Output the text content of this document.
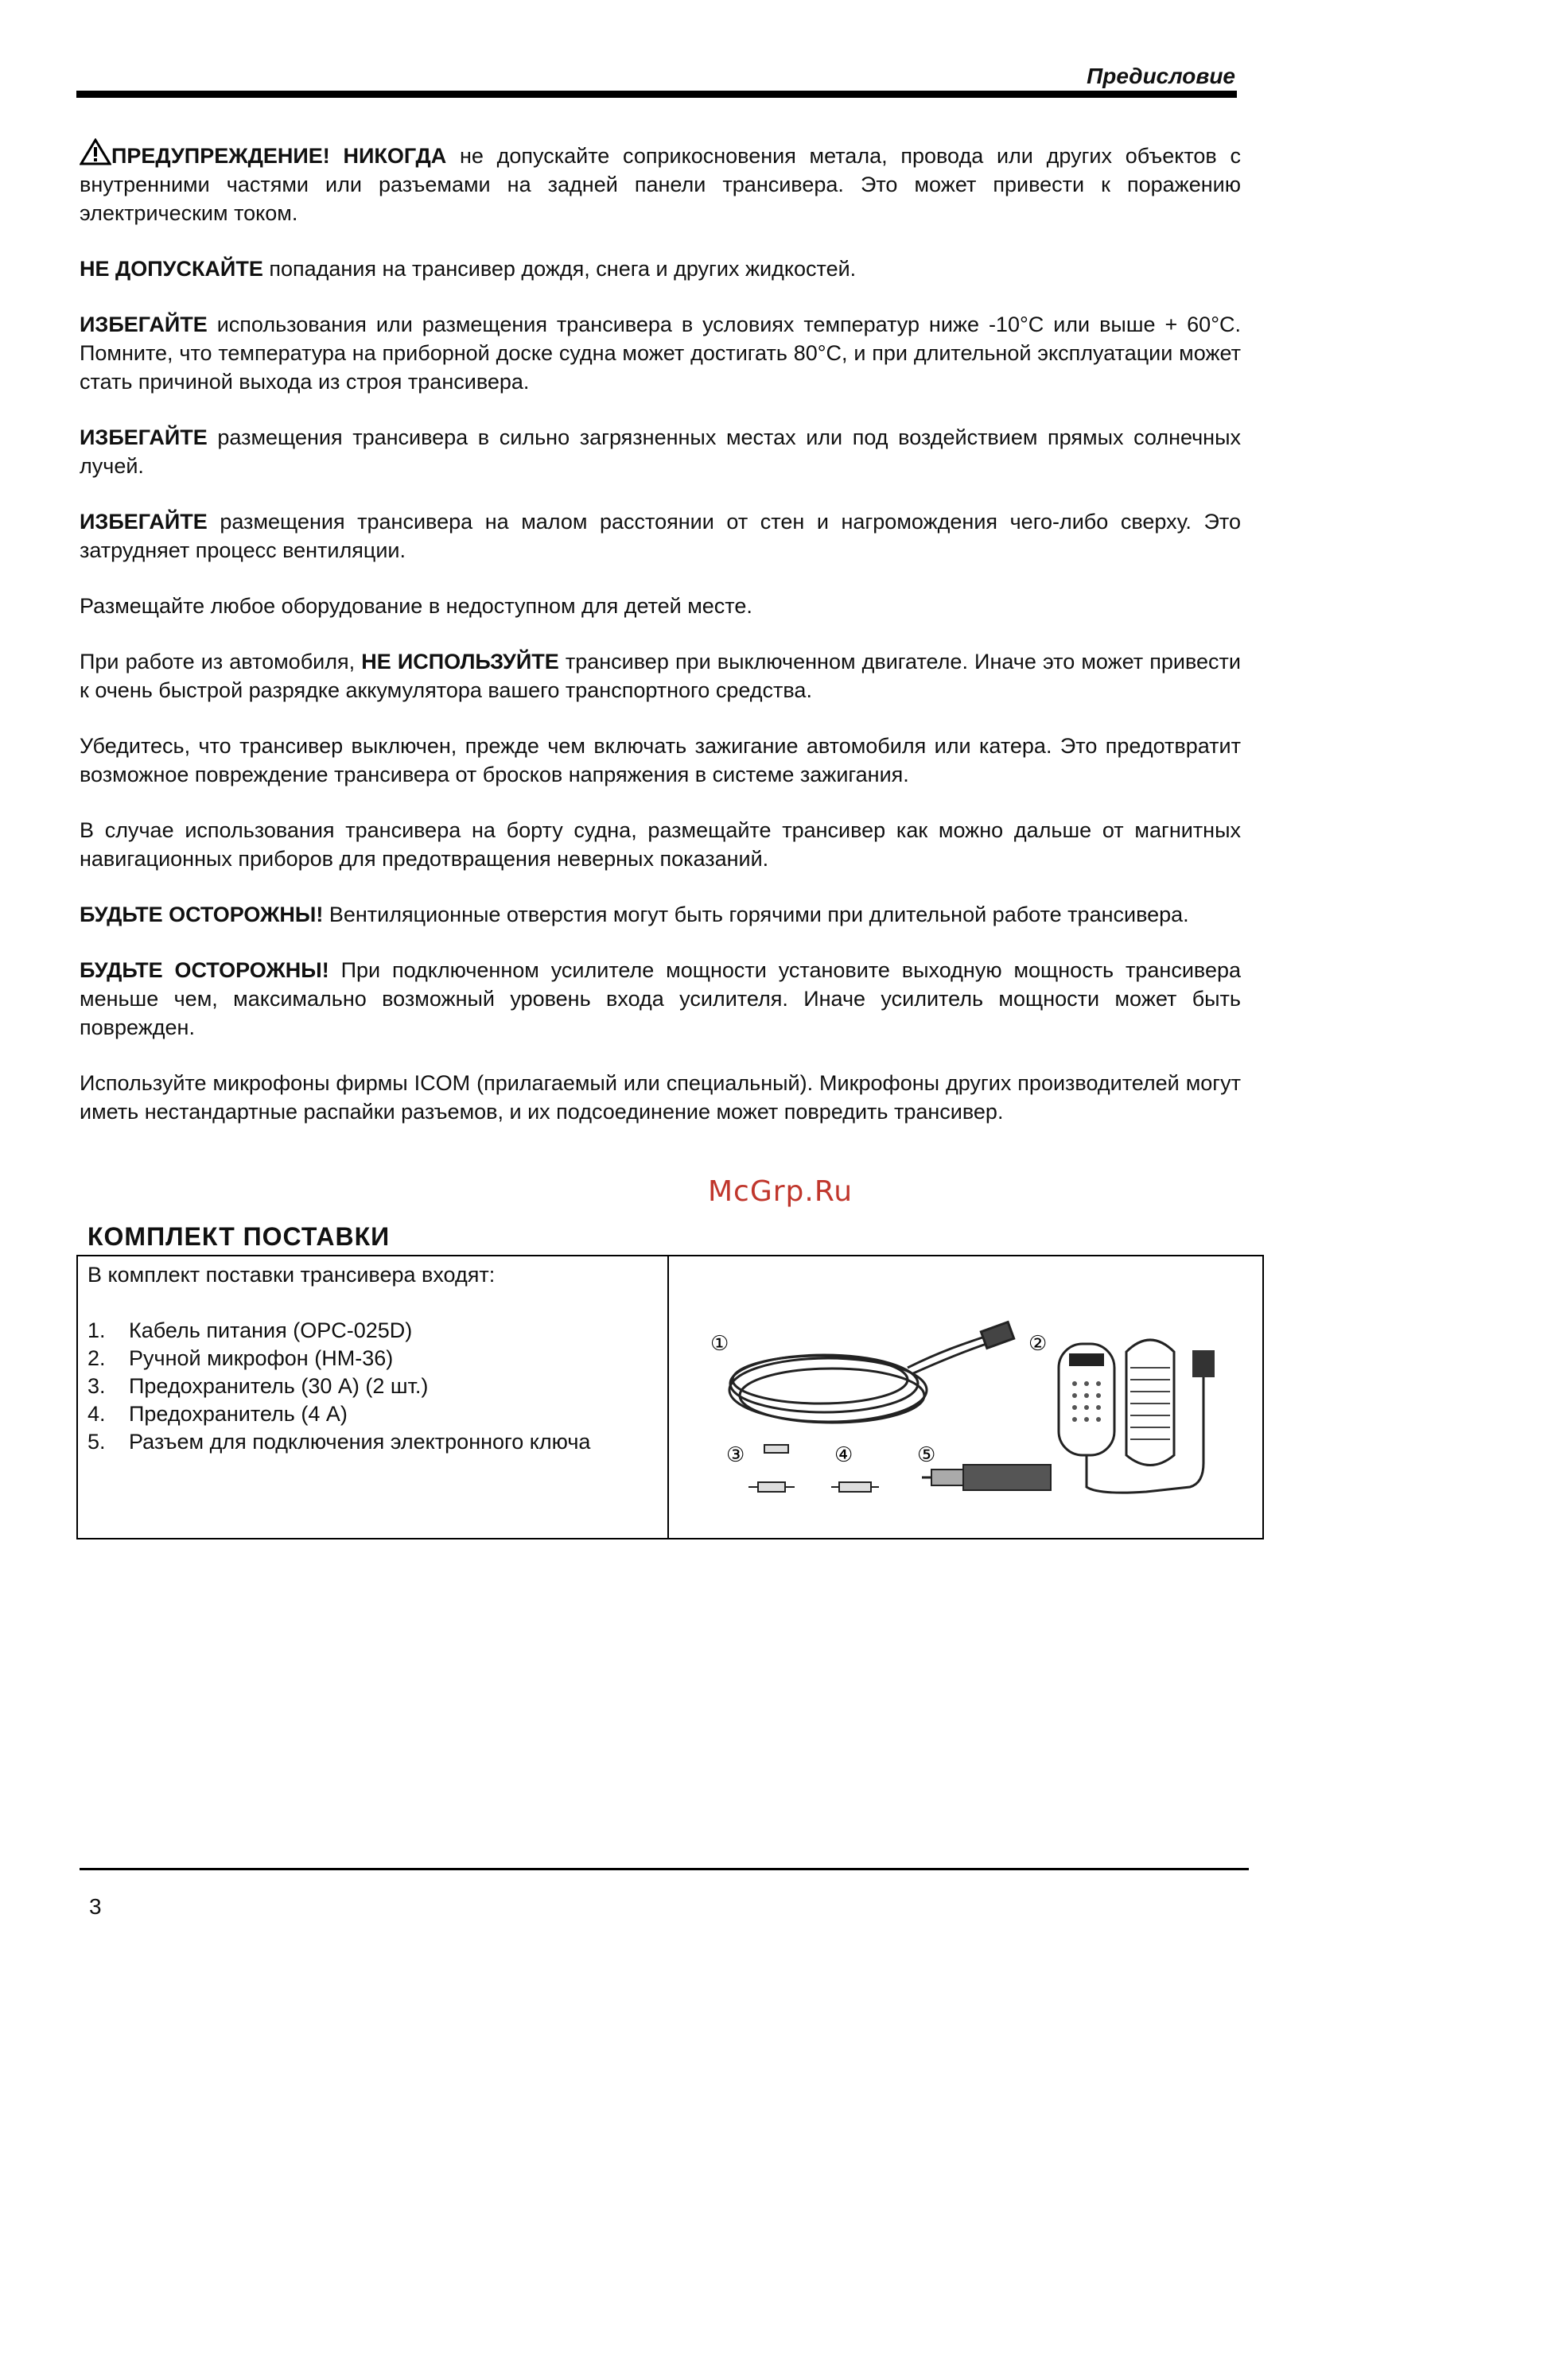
Предисловие

ПРЕДУПРЕЖДЕНИЕ! НИКОГДА не допускайте соприкосновения метала, провода или других объектов с внутренними частями или разъемами на задней панели трансивера. Это может привести к поражению электрическим током.

НЕ ДОПУСКАЙТЕ попадания на трансивер дождя, снега и других жидкостей.

ИЗБЕГАЙТЕ использования или размещения трансивера в условиях температур ниже -10°С или выше + 60°С. Помните, что температура на приборной доске судна может достигать 80°С, и при длительной эксплуатации может стать причиной выхода из строя трансивера.

ИЗБЕГАЙТЕ размещения трансивера в сильно загрязненных местах или под воздействием прямых солнечных лучей.

ИЗБЕГАЙТЕ размещения трансивера на малом расстоянии от стен и нагромождения чего-либо сверху. Это затрудняет процесс вентиляции.

Размещайте любое оборудование в недоступном для детей месте.

При работе из автомобиля, НЕ ИСПОЛЬЗУЙТЕ трансивер при выключенном двигателе. Иначе это может привести к очень быстрой разрядке аккумулятора вашего транспортного средства.

Убедитесь, что трансивер выключен, прежде чем включать зажигание автомобиля или катера. Это предотвратит возможное повреждение трансивера от бросков напряжения в системе зажигания.

В случае использования трансивера на борту судна, размещайте трансивер как можно дальше от магнитных навигационных приборов для предотвращения неверных показаний.

БУДЬТЕ ОСТОРОЖНЫ! Вентиляционные отверстия могут быть горячими при длительной работе трансивера.

БУДЬТЕ ОСТОРОЖНЫ! При подключенном усилителе мощности установите выходную мощность трансивера меньше чем, максимально возможный уровень входа усилителя. Иначе усилитель мощности может быть поврежден.

Используйте микрофоны фирмы ICOM (прилагаемый или специальный). Микрофоны других производителей могут иметь нестандартные распайки разъемов, и их подсоединение может повредить трансивер.

McGrp.Ru
КОМПЛЕКТ ПОСТАВКИ
В комплект поставки трансивера входят:
1.	Кабель питания (OPC-025D)
2.	Ручной микрофон (НМ-36)
3.	Предохранитель (30 А) (2 шт.)
4.	Предохранитель (4 А)
5.	Разъем для подключения электронного ключа
①	②
③	④	⑤
3
